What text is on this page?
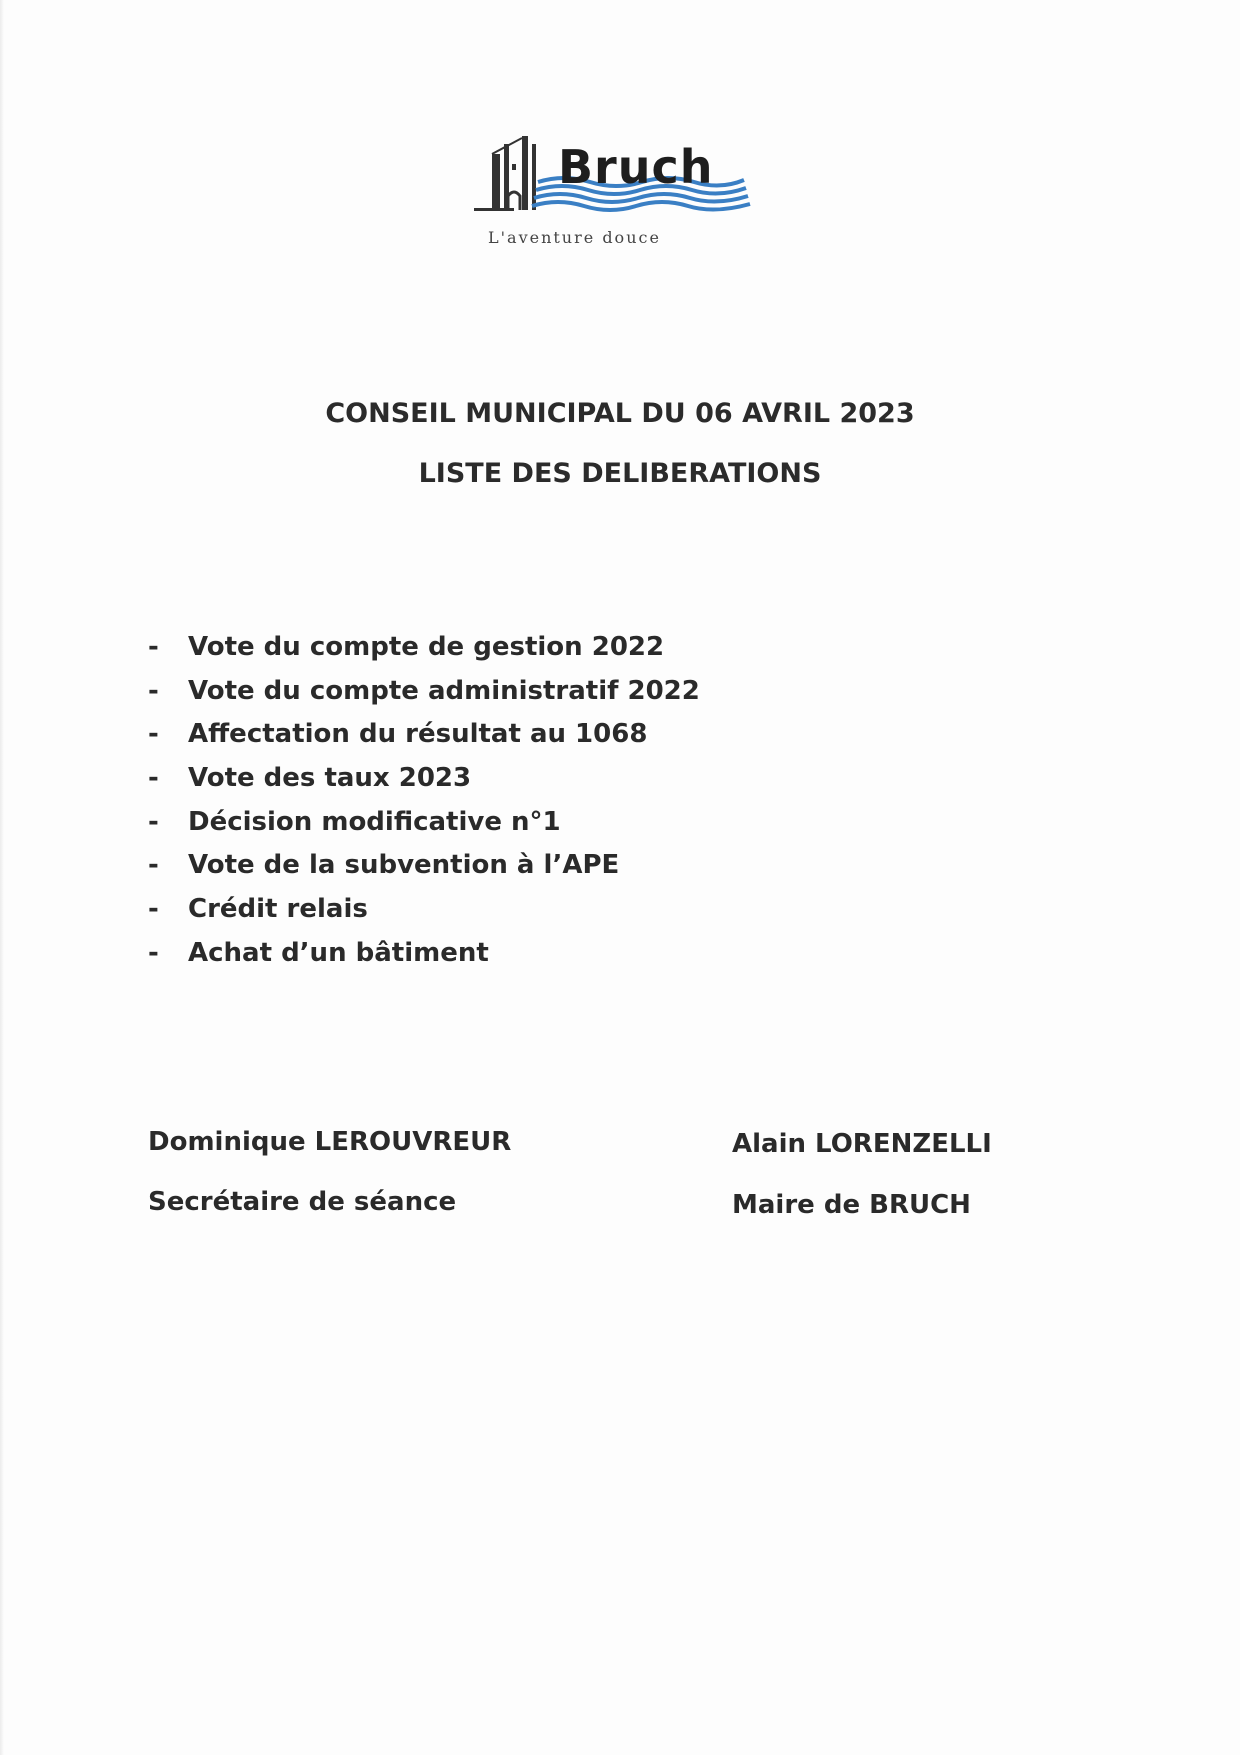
Bruch
L'aventure douce
CONSEIL MUNICIPAL DU 06 AVRIL 2023
LISTE DES DELIBERATIONS
- Vote du compte de gestion 2022
- Vote du compte administratif 2022
- Affectation du résultat au 1068
- Vote des taux 2023
- Décision modificative n°1
- Vote de la subvention à l’APE
- Crédit relais
- Achat d’un bâtiment
Dominique LEROUVREUR
Secrétaire de séance
Alain LORENZELLI
Maire de BRUCH
